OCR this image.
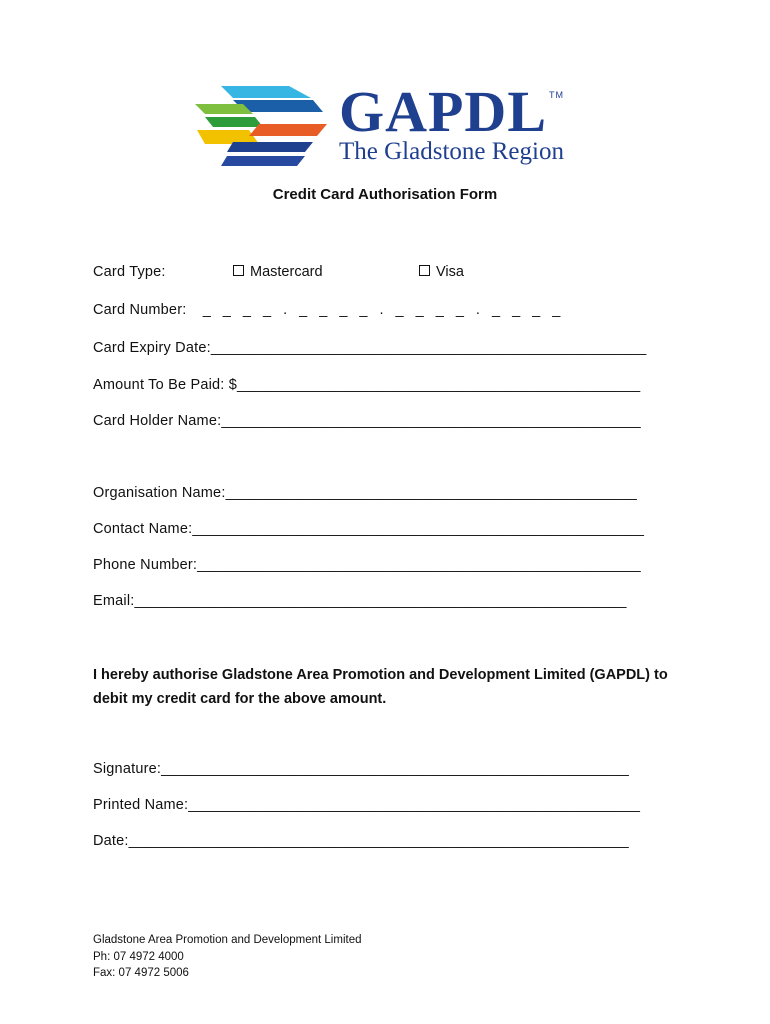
GAPDL TM
The Gladstone Region
Credit Card Authorisation Form
Card Type:	Mastercard	Visa
Card Number: _ _ _ _ . _ _ _ _ . _ _ _ _ . _ _ _ _
Card Expiry Date:______________________________________________________
Amount To Be Paid: $__________________________________________________
Card Holder Name:____________________________________________________
Organisation Name:___________________________________________________
Contact Name:________________________________________________________
Phone Number:_______________________________________________________
Email:_____________________________________________________________
I hereby authorise Gladstone Area Promotion and Development Limited (GAPDL) to debit my credit card for the above amount.
Signature:__________________________________________________________
Printed Name:________________________________________________________
Date:______________________________________________________________
Gladstone Area Promotion and Development Limited
Ph: 07 4972 4000
Fax: 07 4972 5006
